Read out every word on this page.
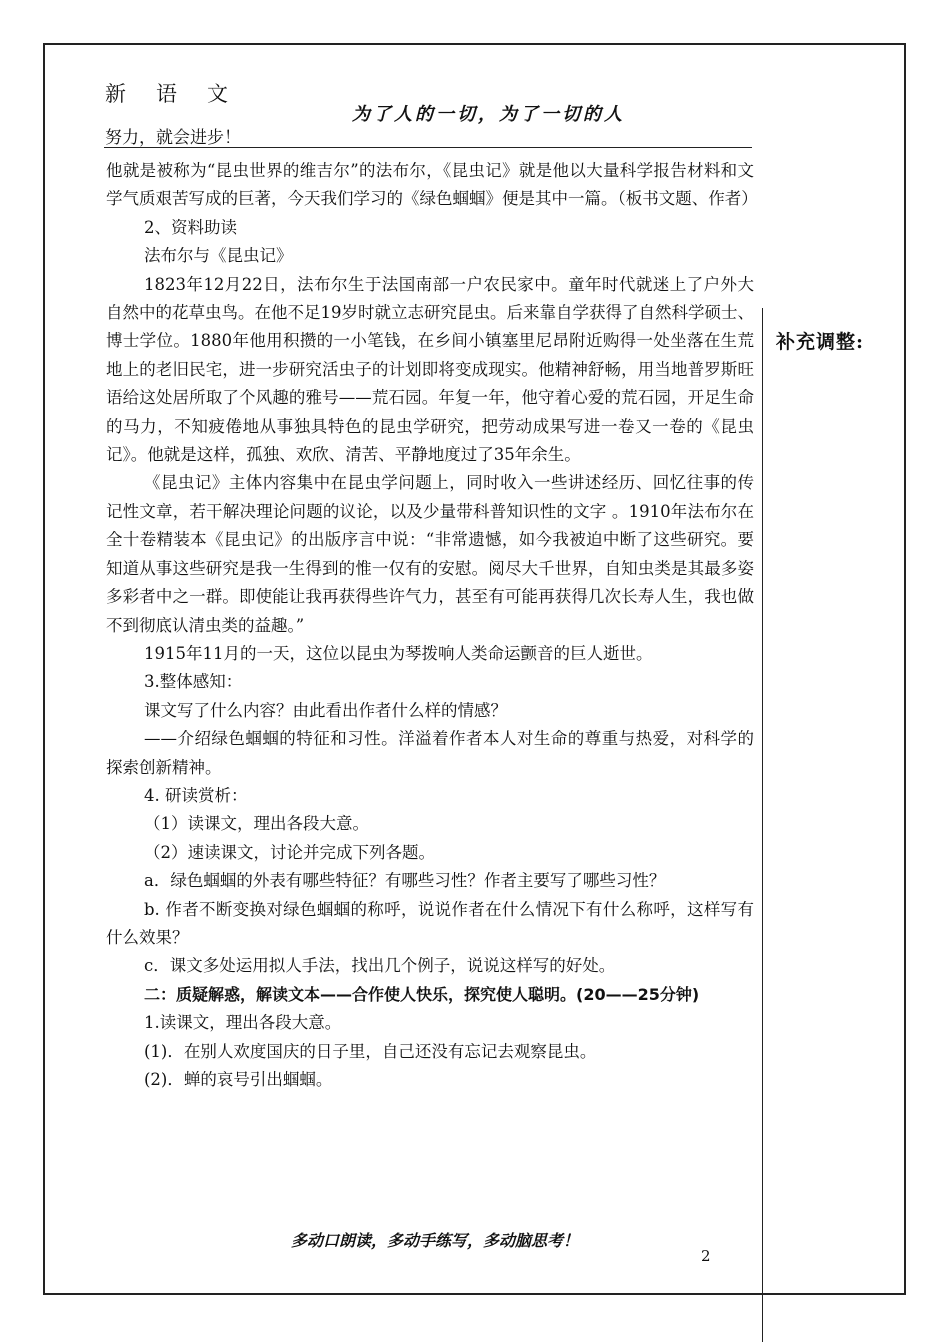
新语文
为了人的一切，为了一切的人
努力，就会进步！
补充调整:

他就是被称为“昆虫世界的维吉尔”的法布尔，《昆虫记》就是他以大量科学报告材料和文学气质艰苦写成的巨著，今天我们学习的《绿色蝈蝈》便是其中一篇。（板书文题、作者）

2、资料助读

法布尔与《昆虫记》

1823年12月22日，法布尔生于法国南部一户农民家中。童年时代就迷上了户外大自然中的花草虫鸟。在他不足19岁时就立志研究昆虫。后来靠自学获得了自然科学硕士、博士学位。1880年他用积攒的一小笔钱，在乡间小镇塞里尼昂附近购得一处坐落在生荒地上的老旧民宅，进一步研究活虫子的计划即将变成现实。他精神舒畅，用当地普罗斯旺语给这处居所取了个风趣的雅号——荒石园。年复一年，他守着心爱的荒石园，开足生命的马力，不知疲倦地从事独具特色的昆虫学研究，把劳动成果写进一卷又一卷的《昆虫记》。他就是这样，孤独、欢欣、清苦、平静地度过了35年余生。

《昆虫记》主体内容集中在昆虫学问题上，同时收入一些讲述经历、回忆往事的传记性文章，若干解决理论问题的议论，以及少量带科普知识性的文字 。1910年法布尔在全十卷精装本《昆虫记》的出版序言中说：“非常遗憾，如今我被迫中断了这些研究。要知道从事这些研究是我一生得到的惟一仅有的安慰。阅尽大千世界，自知虫类是其最多姿多彩者中之一群。即使能让我再获得些许气力，甚至有可能再获得几次长寿人生，我也做不到彻底认清虫类的益趣。”

1915年11月的一天，这位以昆虫为琴拨响人类命运颤音的巨人逝世。

3.整体感知：

课文写了什么内容？由此看出作者什么样的情感？

——介绍绿色蝈蝈的特征和习性。洋溢着作者本人对生命的尊重与热爱，对科学的探索创新精神。

4. 研读赏析：

（1）读课文，理出各段大意。

（2）速读课文，讨论并完成下列各题。

a．绿色蝈蝈的外表有哪些特征？有哪些习性？作者主要写了哪些习性？

b. 作者不断变换对绿色蝈蝈的称呼，说说作者在什么情况下有什么称呼，这样写有什么效果？

c．课文多处运用拟人手法，找出几个例子，说说这样写的好处。

二：质疑解惑，解读文本——合作使人快乐，探究使人聪明。(20——25分钟)

1.读课文，理出各段大意。

(1)．在别人欢度国庆的日子里，自己还没有忘记去观察昆虫。

(2)．蝉的哀号引出蝈蝈。

多动口朗读，多动手练写，多动脑思考！
2
